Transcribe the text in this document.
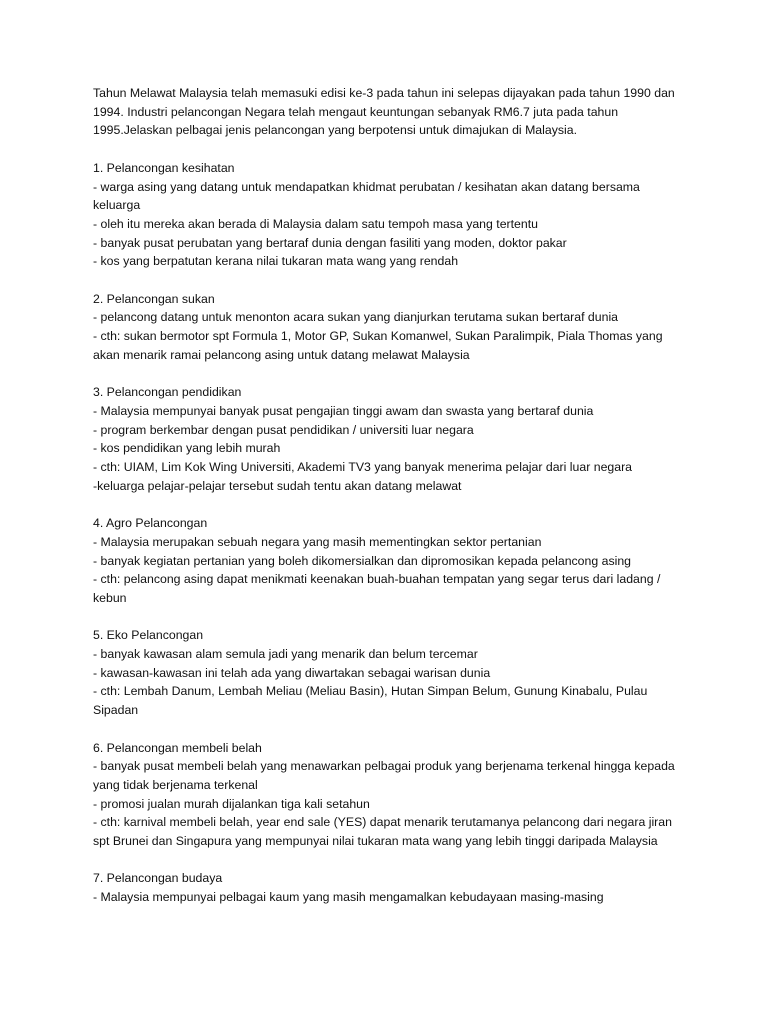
Tahun Melawat Malaysia telah memasuki edisi ke-3 pada tahun ini selepas dijayakan pada tahun 1990 dan 1994. Industri pelancongan Negara telah mengaut keuntungan sebanyak RM6.7 juta pada tahun 1995.Jelaskan pelbagai jenis pelancongan yang berpotensi untuk dimajukan di Malaysia.

1. Pelancongan kesihatan

- warga asing yang datang untuk mendapatkan khidmat perubatan / kesihatan akan datang bersama keluarga

- oleh itu mereka akan berada di Malaysia dalam satu tempoh masa yang tertentu

- banyak pusat perubatan yang bertaraf dunia dengan fasiliti yang moden, doktor pakar

- kos yang berpatutan kerana nilai tukaran mata wang yang rendah

2. Pelancongan sukan

- pelancong datang untuk menonton acara sukan yang dianjurkan terutama sukan bertaraf dunia

- cth: sukan bermotor spt Formula 1, Motor GP, Sukan Komanwel, Sukan Paralimpik, Piala Thomas yang akan menarik ramai pelancong asing untuk datang melawat Malaysia

3. Pelancongan pendidikan

- Malaysia mempunyai banyak pusat pengajian tinggi awam dan swasta yang bertaraf dunia

- program berkembar dengan pusat pendidikan / universiti luar negara

- kos pendidikan yang lebih murah

- cth: UIAM, Lim Kok Wing Universiti, Akademi TV3 yang banyak menerima pelajar dari luar negara

-keluarga pelajar-pelajar tersebut sudah tentu akan datang melawat

4. Agro Pelancongan

- Malaysia merupakan sebuah negara yang masih mementingkan sektor pertanian

- banyak kegiatan pertanian yang boleh dikomersialkan dan dipromosikan kepada pelancong asing

- cth: pelancong asing dapat menikmati keenakan buah-buahan tempatan yang segar terus dari ladang / kebun

5. Eko Pelancongan

- banyak kawasan alam semula jadi yang menarik dan belum tercemar

- kawasan-kawasan ini telah ada yang diwartakan sebagai warisan dunia

- cth: Lembah Danum, Lembah Meliau (Meliau Basin), Hutan Simpan Belum, Gunung Kinabalu, Pulau Sipadan

6. Pelancongan membeli belah

- banyak pusat membeli belah yang menawarkan pelbagai produk yang berjenama terkenal hingga kepada yang tidak berjenama terkenal

- promosi jualan murah dijalankan tiga kali setahun

- cth: karnival membeli belah, year end sale (YES) dapat menarik terutamanya pelancong dari negara jiran spt Brunei dan Singapura yang mempunyai nilai tukaran mata wang yang lebih tinggi daripada Malaysia

7. Pelancongan budaya

- Malaysia mempunyai pelbagai kaum yang masih mengamalkan kebudayaan masing-masing
